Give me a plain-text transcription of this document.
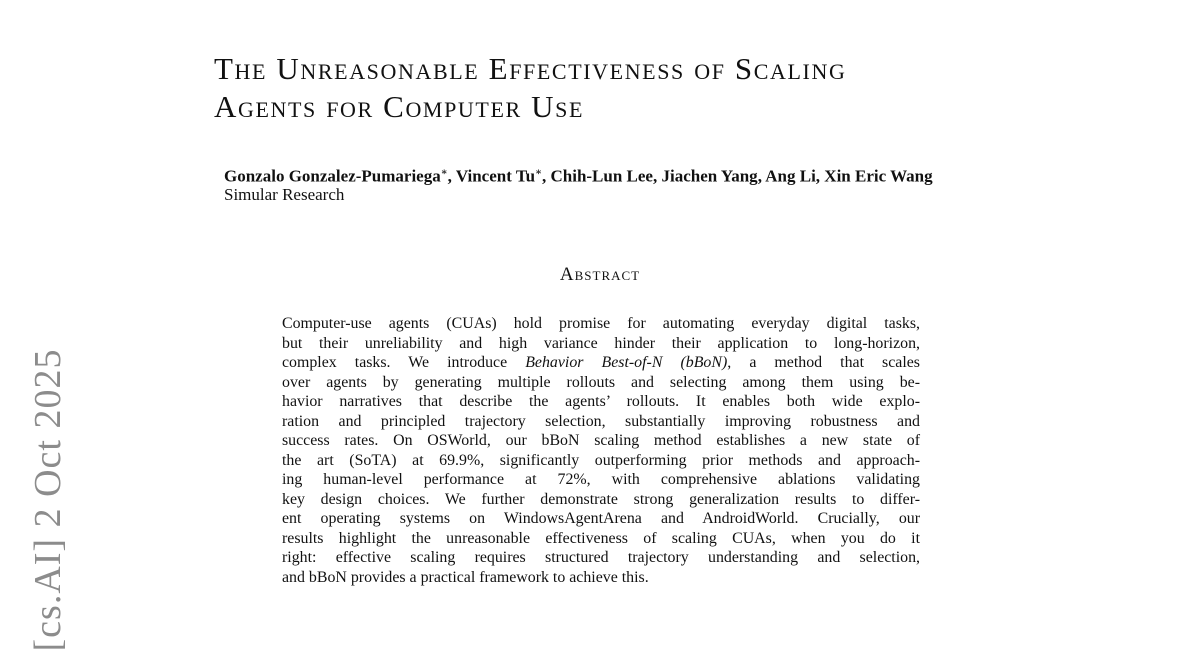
[cs.AI] 2 Oct 2025
The Unreasonable Effectiveness of Scaling
Agents for Computer Use
Gonzalo Gonzalez-Pumariega∗, Vincent Tu∗, Chih-Lun Lee, Jiachen Yang, Ang Li, Xin Eric Wang
Simular Research
Abstract
Computer-use agents (CUAs) hold promise for automating everyday digital tasks,
but their unreliability and high variance hinder their application to long-horizon,
complex tasks. We introduce Behavior Best-of-N (bBoN), a method that scales
over agents by generating multiple rollouts and selecting among them using be-
havior narratives that describe the agents’ rollouts. It enables both wide explo-
ration and principled trajectory selection, substantially improving robustness and
success rates. On OSWorld, our bBoN scaling method establishes a new state of
the art (SoTA) at 69.9%, significantly outperforming prior methods and approach-
ing human-level performance at 72%, with comprehensive ablations validating
key design choices. We further demonstrate strong generalization results to differ-
ent operating systems on WindowsAgentArena and AndroidWorld. Crucially, our
results highlight the unreasonable effectiveness of scaling CUAs, when you do it
right: effective scaling requires structured trajectory understanding and selection,
and bBoN provides a practical framework to achieve this.
